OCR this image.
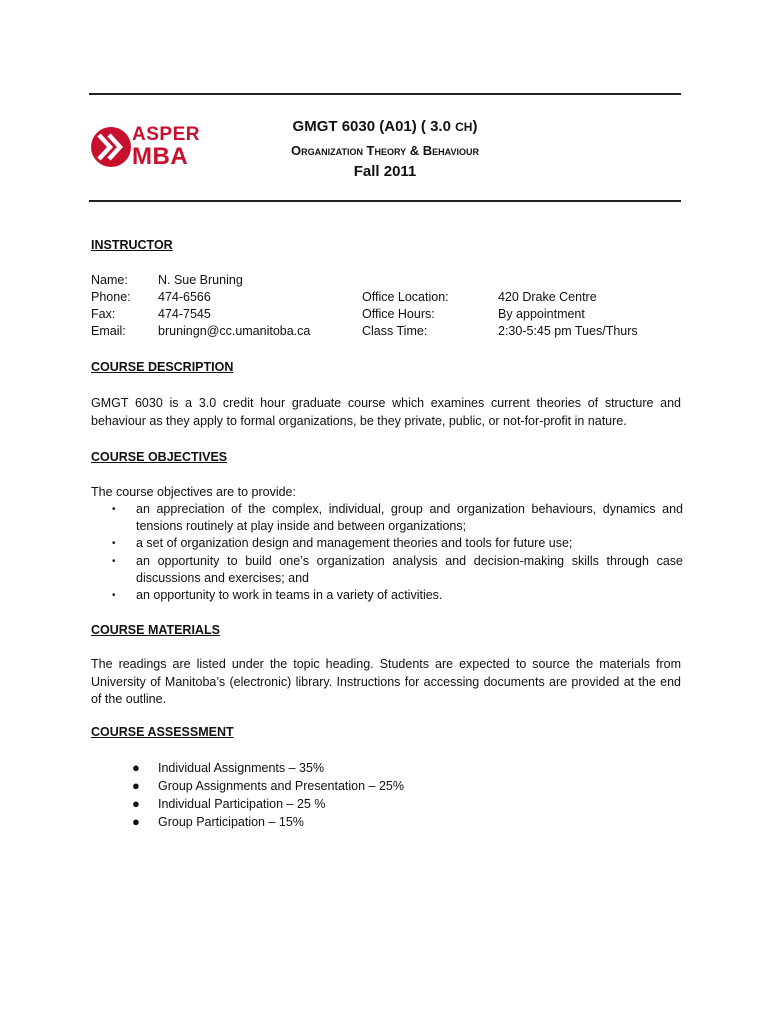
ASPER
MBA
GMGT 6030 (A01) ( 3.0 CH)
Organization Theory & Behaviour
Fall 2011
INSTRUCTOR
Name:
Phone:
Fax:
Email:
N. Sue Bruning
474-6566
474-7545
bruningn@cc.umanitoba.ca
Office Location:
Office Hours:
Class Time:
420 Drake Centre
By appointment
2:30-5:45 pm Tues/Thurs
COURSE DESCRIPTION
GMGT 6030 is a 3.0 credit hour graduate course which examines current theories of structure and behaviour as they apply to formal organizations, be they private, public, or not-for-profit in nature.
COURSE OBJECTIVES
The course objectives are to provide:
• an appreciation of the complex, individual, group and organization behaviours, dynamics and tensions routinely at play inside and between organizations;
• a set of organization design and management theories and tools for future use;
• an opportunity to build one’s organization analysis and decision-making skills through case discussions and exercises; and
• an opportunity to work in teams in a variety of activities.
COURSE MATERIALS
The readings are listed under the topic heading. Students are expected to source the materials from University of Manitoba’s (electronic) library. Instructions for accessing documents are provided at the end of the outline.
COURSE ASSESSMENT
● Individual Assignments – 35%
● Group Assignments and Presentation – 25%
● Individual Participation – 25 %
● Group Participation – 15%
